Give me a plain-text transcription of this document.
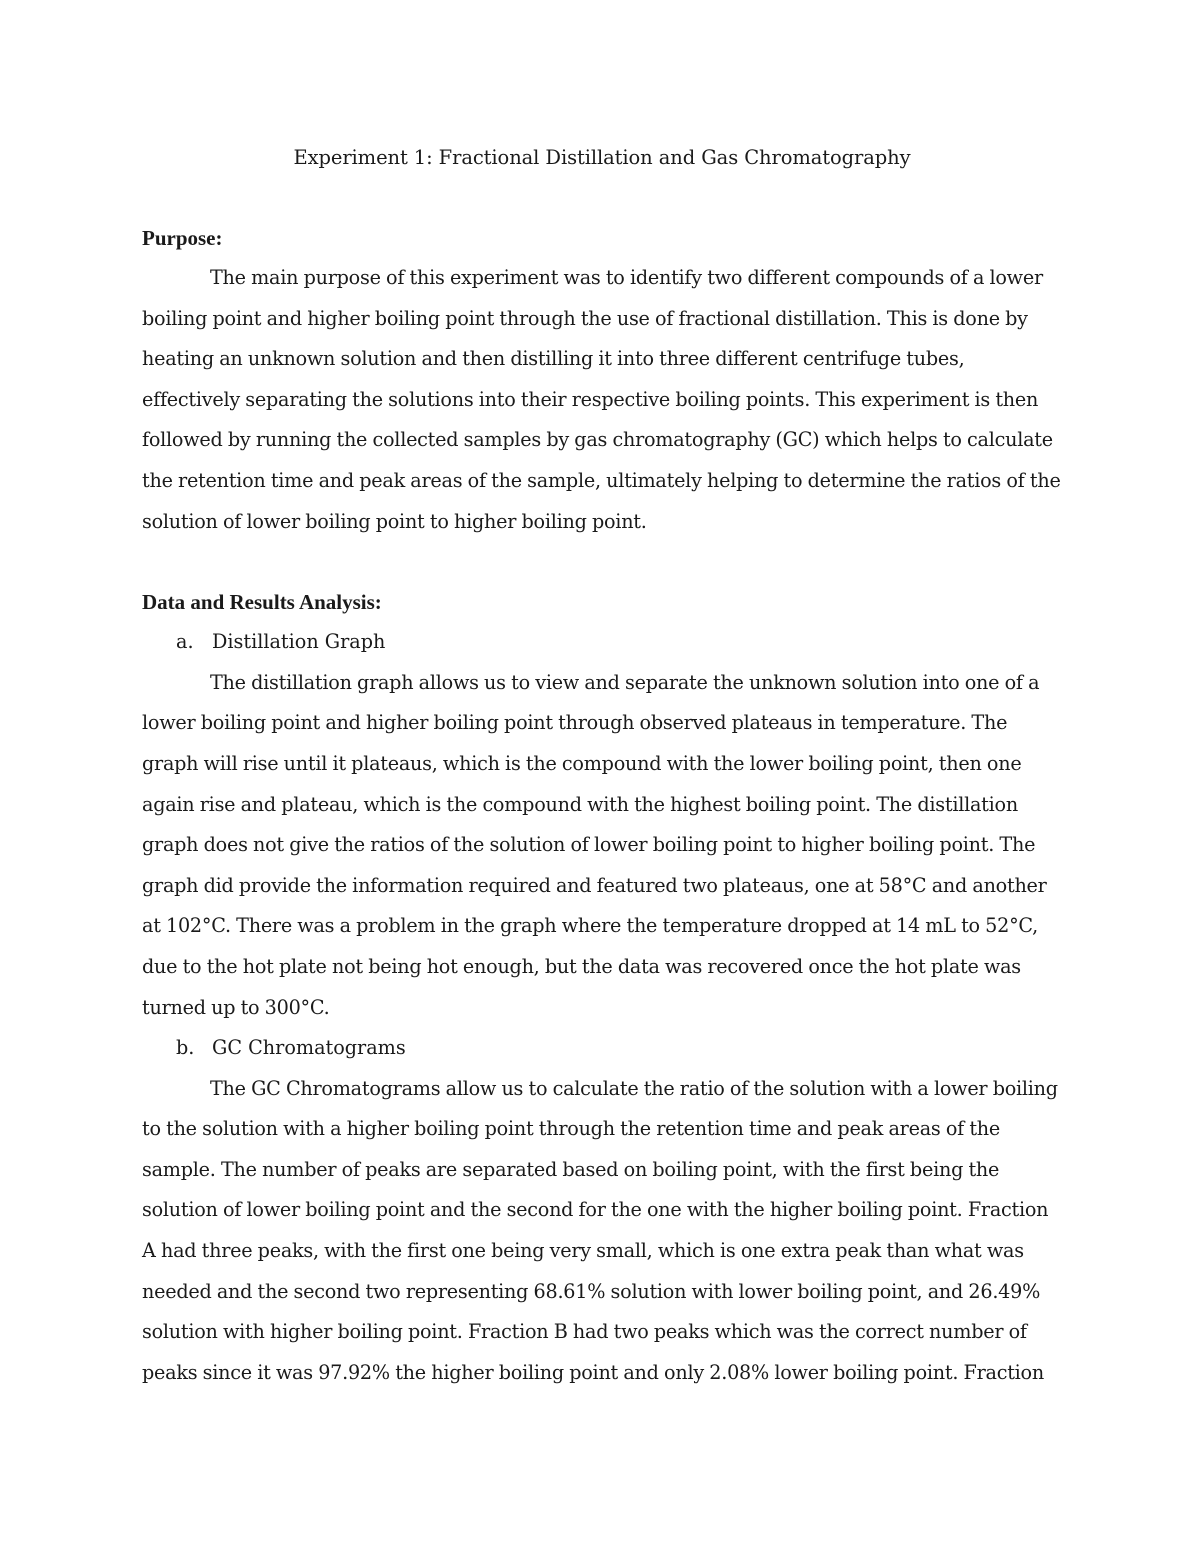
Experiment 1: Fractional Distillation and Gas Chromatography
Purpose:

The main purpose of this experiment was to identify two different compounds of a lower boiling point and higher boiling point through the use of fractional distillation. This is done by heating an unknown solution and then distilling it into three different centrifuge tubes, effectively separating the solutions into their respective boiling points. This experiment is then followed by running the collected samples by gas chromatography (GC) which helps to calculate the retention time and peak areas of the sample, ultimately helping to determine the ratios of the solution of lower boiling point to higher boiling point.

Data and Results Analysis:
a. Distillation Graph

The distillation graph allows us to view and separate the unknown solution into one of a lower boiling point and higher boiling point through observed plateaus in temperature. The graph will rise until it plateaus, which is the compound with the lower boiling point, then one again rise and plateau, which is the compound with the highest boiling point. The distillation graph does not give the ratios of the solution of lower boiling point to higher boiling point. The graph did provide the information required and featured two plateaus, one at 58°C and another at 102°C. There was a problem in the graph where the temperature dropped at 14 mL to 52°C, due to the hot plate not being hot enough, but the data was recovered once the hot plate was turned up to 300°C.

b. GC Chromatograms

The GC Chromatograms allow us to calculate the ratio of the solution with a lower boiling to the solution with a higher boiling point through the retention time and peak areas of the sample. The number of peaks are separated based on boiling point, with the first being the solution of lower boiling point and the second for the one with the higher boiling point. Fraction A had three peaks, with the first one being very small, which is one extra peak than what was needed and the second two representing 68.61% solution with lower boiling point, and 26.49% solution with higher boiling point. Fraction B had two peaks which was the correct number of peaks since it was 97.92% the higher boiling point and only 2.08% lower boiling point. Fraction
